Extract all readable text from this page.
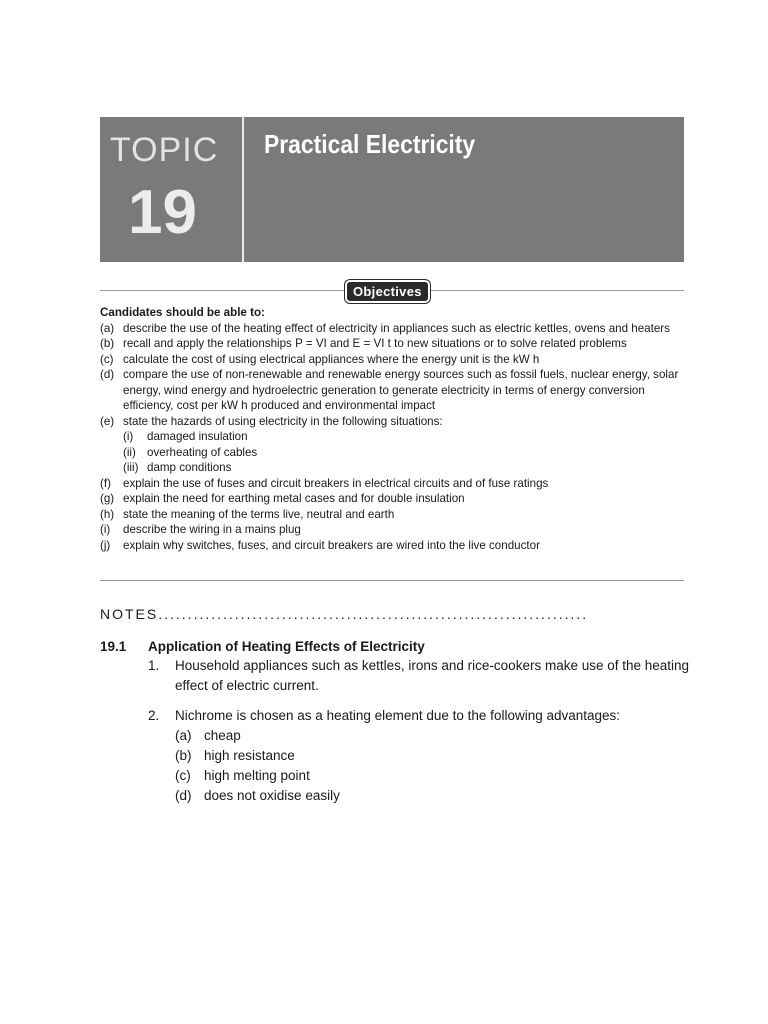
TOPIC
19
Practical Electricity
Objectives
Candidates should be able to:
(a) describe the use of the heating effect of electricity in appliances such as electric kettles, ovens and heaters
(b) recall and apply the relationships P = VI and E = VI t to new situations or to solve related problems
(c) calculate the cost of using electrical appliances where the energy unit is the kW h
(d) compare the use of non-renewable and renewable energy sources such as fossil fuels, nuclear energy, solar energy, wind energy and hydroelectric generation to generate electricity in terms of energy conversion efficiency, cost per kW h produced and environmental impact
(e) state the hazards of using electricity in the following situations:
(i) damaged insulation
(ii) overheating of cables
(iii) damp conditions
(f) explain the use of fuses and circuit breakers in electrical circuits and of fuse ratings
(g) explain the need for earthing metal cases and for double insulation
(h) state the meaning of the terms live, neutral and earth
(i) describe the wiring in a mains plug
(j) explain why switches, fuses, and circuit breakers are wired into the live conductor
NOTES.........................................................................
19.1 Application of Heating Effects of Electricity
1. Household appliances such as kettles, irons and rice-cookers make use of the heating effect of electric current.
2. Nichrome is chosen as a heating element due to the following advantages:
(a) cheap
(b) high resistance
(c) high melting point
(d) does not oxidise easily
